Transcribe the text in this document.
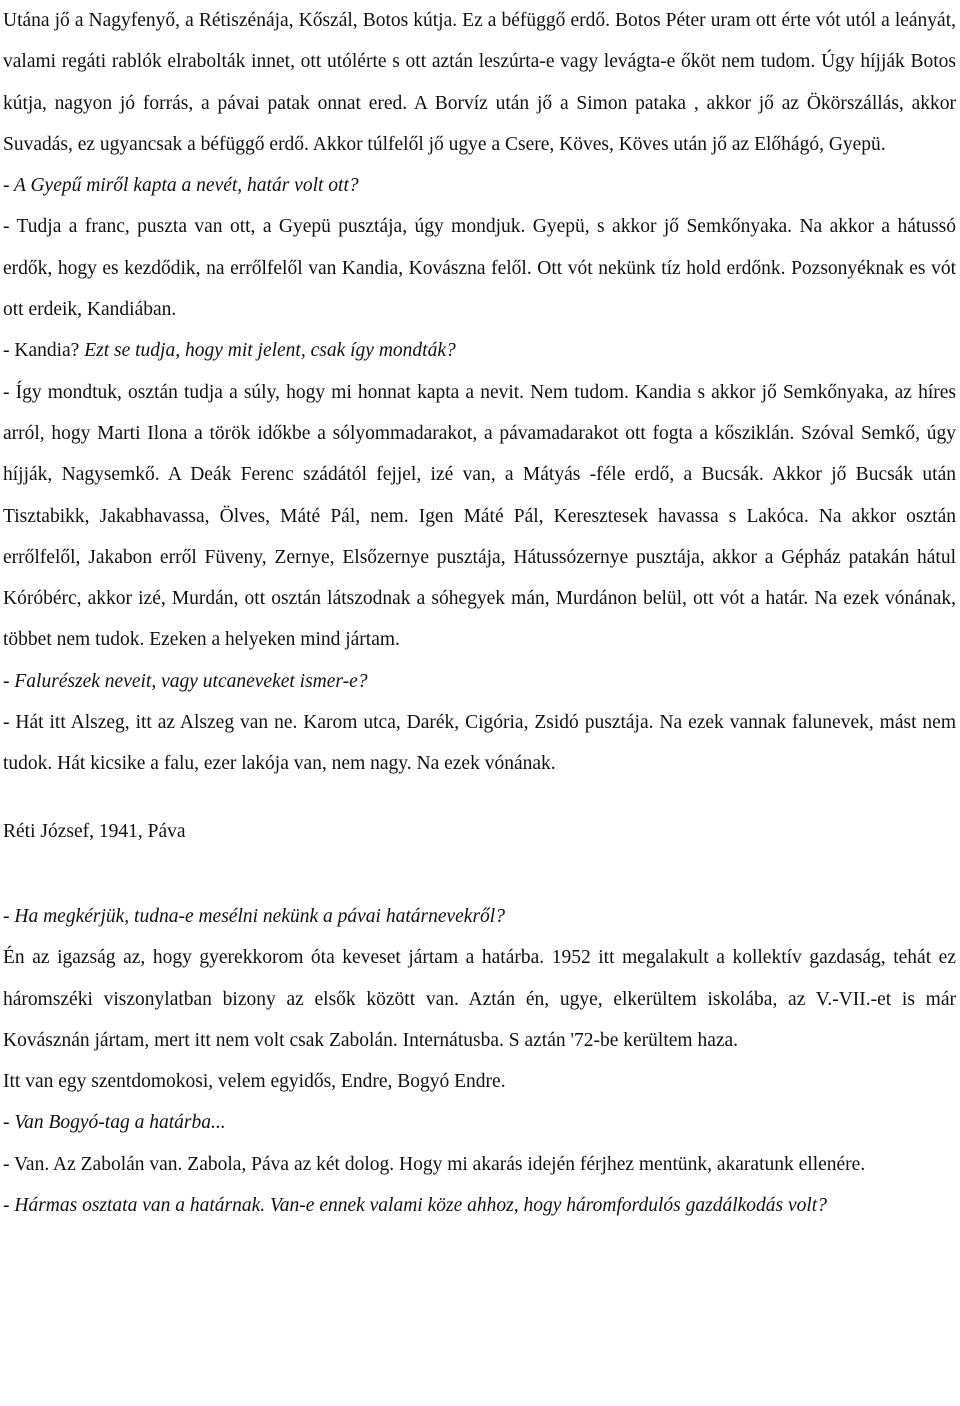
Utána jő a Nagyfenyő, a Rétiszénája, Kőszál, Botos kútja. Ez a béfüggő erdő. Botos Péter uram ott érte vót utól a leányát, valami regáti rablók elrabolták innet, ott utólérte s ott aztán leszúrta-e vagy levágta-e őköt nem tudom. Úgy híjják Botos kútja, nagyon jó forrás, a pávai patak onnat ered. A Borvíz után jő a Simon pataka , akkor jő az Ökörszállás, akkor Suvadás, ez ugyancsak a béfüggő erdő. Akkor túlfelől jő ugye a Csere, Köves, Köves után jő az Előhágó, Gyepü.

- A Gyepű miről kapta a nevét, határ volt ott?

- Tudja a franc, puszta van ott, a Gyepü pusztája, úgy mondjuk. Gyepü, s akkor jő Semkőnyaka. Na akkor a hátussó erdők, hogy es kezdődik, na errőlfelől van Kandia, Kovászna felől. Ott vót nekünk tíz hold erdőnk. Pozsonyéknak es vót ott erdeik, Kandiában.

- Kandia? Ezt se tudja, hogy mit jelent, csak így mondták?

- Így mondtuk, osztán tudja a súly, hogy mi honnat kapta a nevit. Nem tudom. Kandia s akkor jő Semkőnyaka, az híres arról, hogy Marti Ilona a török időkbe a sólyommadarakot, a pávamadarakot ott fogta a kősziklán. Szóval Semkő, úgy híjják, Nagysemkő. A Deák Ferenc szádától fejjel, izé van, a Mátyás -féle erdő, a Bucsák. Akkor jő Bucsák után Tisztabikk, Jakabhavassa, Ölves, Máté Pál, nem. Igen Máté Pál, Keresztesek havassa s Lakóca. Na akkor osztán errőlfelől, Jakabon erről Füveny, Zernye, Elsőzernye pusztája, Hátussózernye pusztája, akkor a Gépház patakán hátul Kóróbérc, akkor izé, Murdán, ott osztán látszodnak a sóhegyek mán, Murdánon belül, ott vót a határ. Na ezek vónának, többet nem tudok. Ezeken a helyeken mind jártam.

- Falurészek neveit, vagy utcaneveket ismer-e?

- Hát itt Alszeg, itt az Alszeg van ne. Karom utca, Darék, Cigória, Zsidó pusztája. Na ezek vannak falunevek, mást nem tudok. Hát kicsike a falu, ezer lakója van, nem nagy. Na ezek vónának.

Réti József, 1941, Páva

- Ha megkérjük, tudna-e mesélni nekünk a pávai határnevekről?

Én az igazság az, hogy gyerekkorom óta keveset jártam a határba. 1952 itt megalakult a kollektív gazdaság, tehát ez háromszéki viszonylatban bizony az elsők között van. Aztán én, ugye, elkerültem iskolába, az V.-VII.-et is már Kovásznán jártam, mert itt nem volt csak Zabolán. Internátusba. S aztán '72-be kerültem haza.

Itt van egy szentdomokosi, velem egyidős, Endre, Bogyó Endre.

- Van Bogyó-tag a határba...

- Van. Az Zabolán van. Zabola, Páva az két dolog. Hogy mi akarás idején férjhez mentünk, akaratunk ellenére.

- Hármas osztata van a határnak. Van-e ennek valami köze ahhoz, hogy háromfordulós gazdálkodás volt?
